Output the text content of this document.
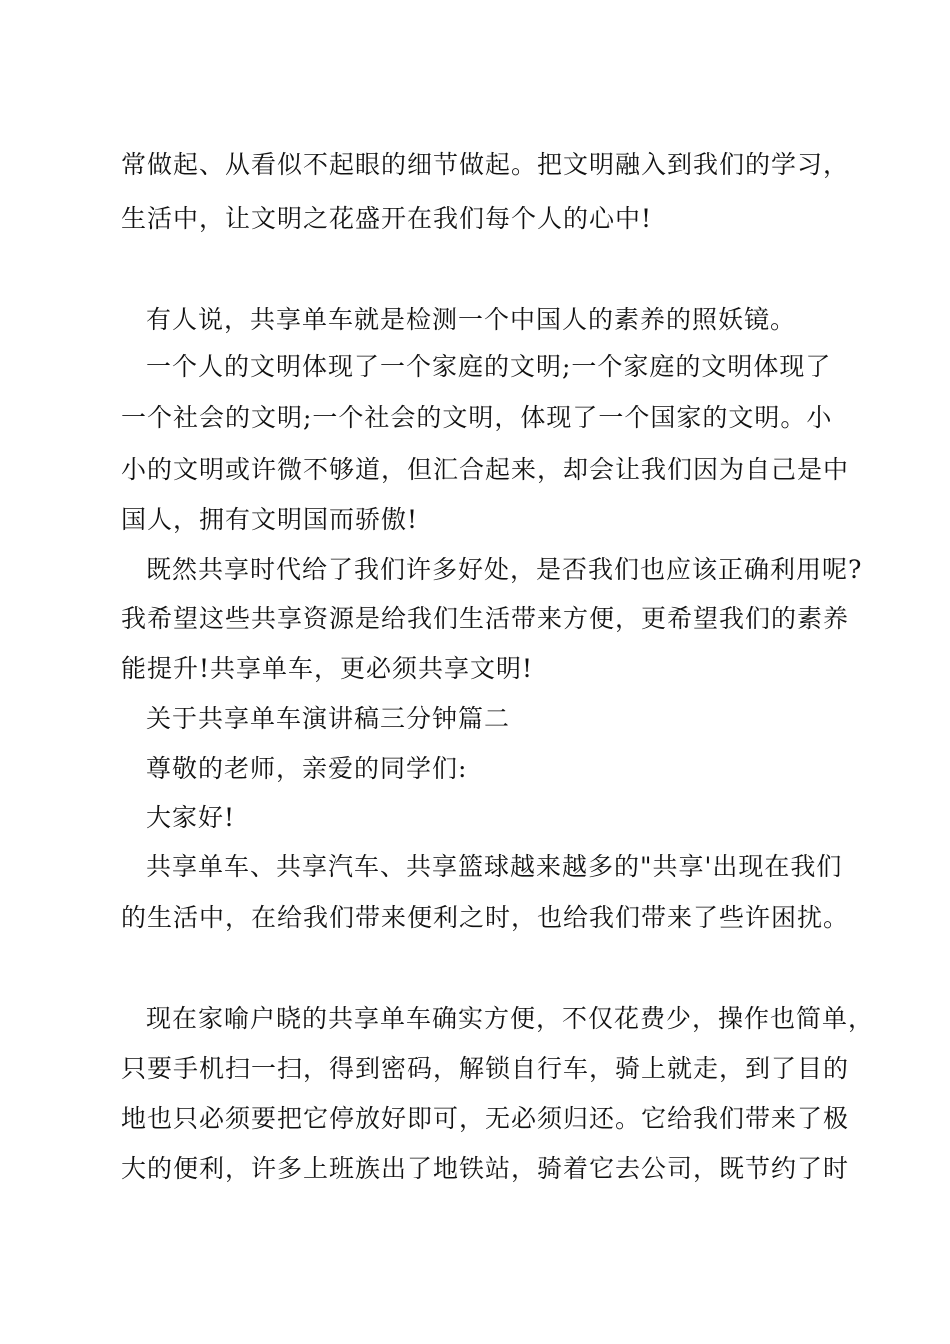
常做起、从看似不起眼的细节做起。把文明融入到我们的学习，

生活中，让文明之花盛开在我们每个人的心中!

有人说，共享单车就是检测一个中国人的素养的照妖镜。

一个人的文明体现了一个家庭的文明;一个家庭的文明体现了

一个社会的文明;一个社会的文明，体现了一个国家的文明。小

小的文明或许微不够道，但汇合起来，却会让我们因为自己是中

国人，拥有文明国而骄傲!

既然共享时代给了我们许多好处，是否我们也应该正确利用呢?

我希望这些共享资源是给我们生活带来方便，更希望我们的素养

能提升!共享单车，更必须共享文明!

关于共享单车演讲稿三分钟篇二

尊敬的老师，亲爱的同学们:

大家好!

共享单车、共享汽车、共享篮球越来越多的"共享'出现在我们

的生活中，在给我们带来便利之时，也给我们带来了些许困扰。

现在家喻户晓的共享单车确实方便，不仅花费少，操作也简单，

只要手机扫一扫，得到密码，解锁自行车，骑上就走，到了目的

地也只必须要把它停放好即可，无必须归还。它给我们带来了极

大的便利，许多上班族出了地铁站，骑着它去公司，既节约了时
